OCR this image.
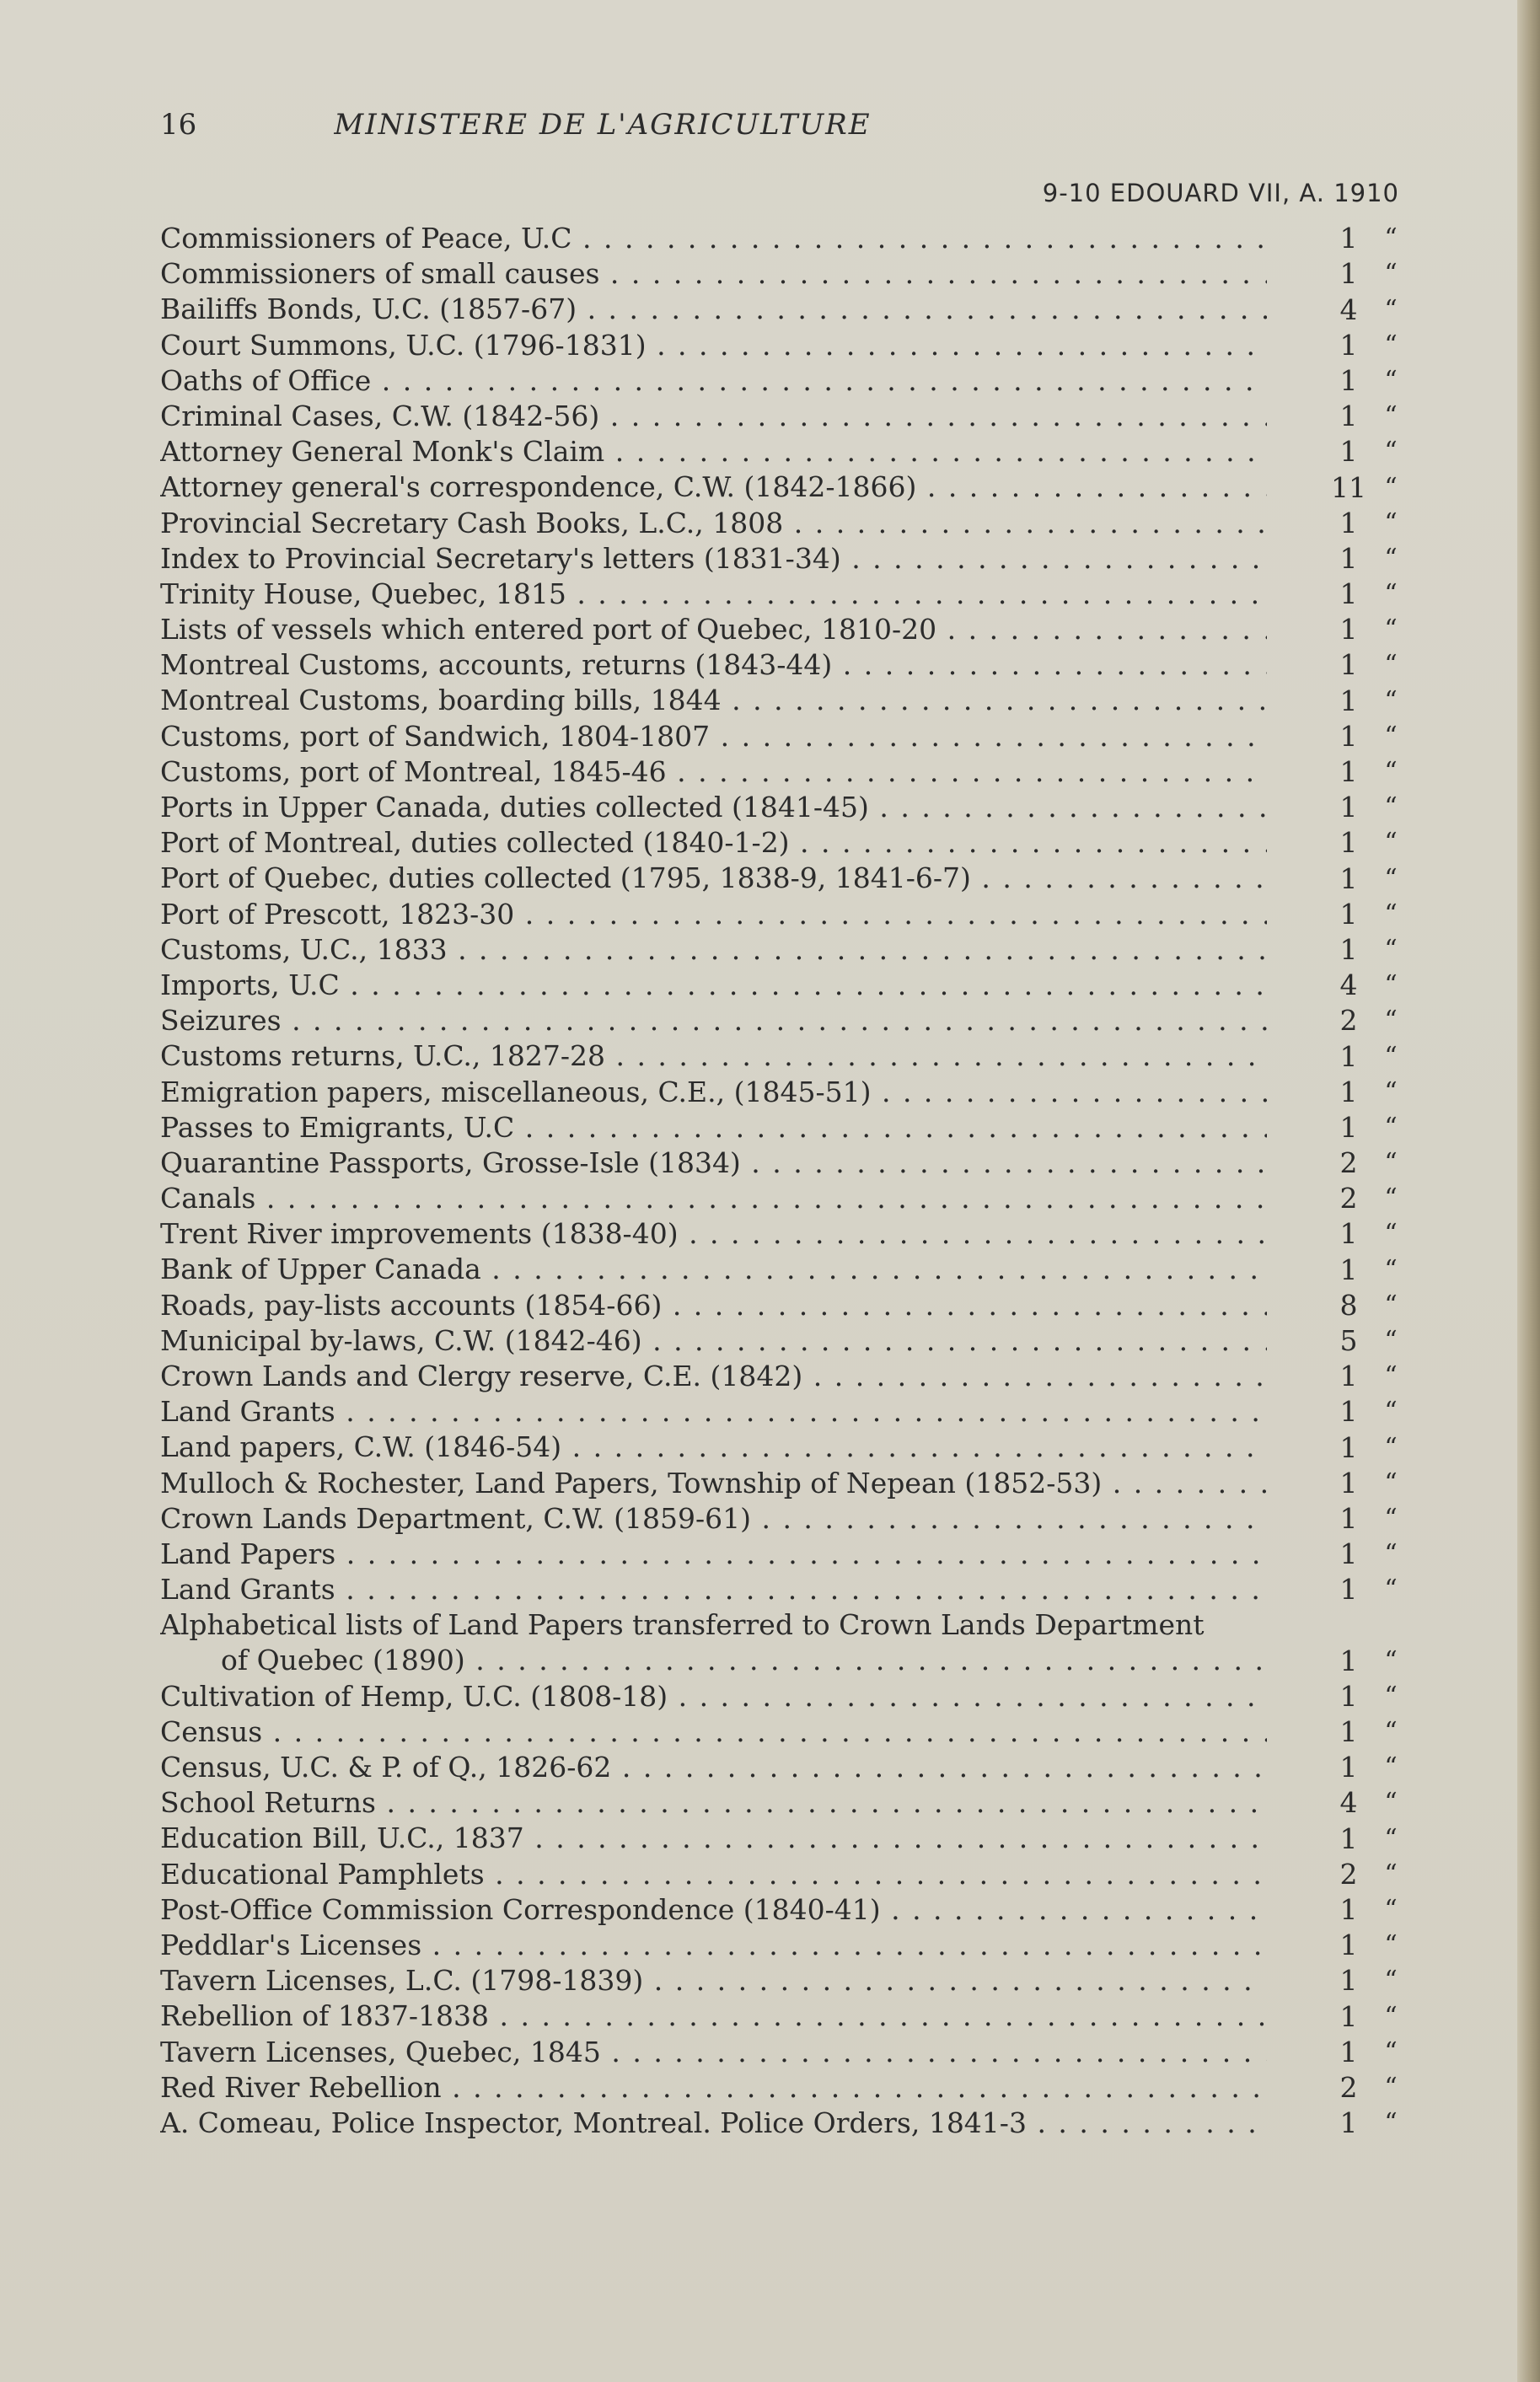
16	MINISTERE DE L'AGRICULTURE
9-10 EDOUARD VII, A. 1910
Commissioners of Peace, U.C . . .	1	“
Commissioners of small causes . . .	1	“
Bailiffs Bonds, U.C. (1857-67) . . .	4	“
Court Summons, U.C. (1796-1831) . . .	1	“
Oaths of Office . . .	1	“
Criminal Cases, C.W. (1842-56) . . .	1	“
Attorney General Monk's Claim . . .	1	“
Attorney general's correspondence, C.W. (1842-1866) . . .	11 “
Provincial Secretary Cash Books, L.C., 1808 . . .	1	“
Index to Provincial Secretary's letters (1831-34) . . .	1	“
Trinity House, Quebec, 1815 . . .	1	“
Lists of vessels which entered port of Quebec, 1810-20 . . .	1	“
Montreal Customs, accounts, returns (1843-44) . . .	1	“
Montreal Customs, boarding bills, 1844 . . .	1	“
Customs, port of Sandwich, 1804-1807 . . .	1	“
Customs, port of Montreal, 1845-46 . . .	1	“
Ports in Upper Canada, duties collected (1841-45) . . .	1	“
Port of Montreal, duties collected (1840-1-2) . . .	1	“
Port of Quebec, duties collected (1795, 1838-9, 1841-6-7) . . .	1	“
Port of Prescott, 1823-30 . . .	1	“
Customs, U.C., 1833 . . .	1	“
Imports, U.C . . .	4	“
Seizures . . .	2	“
Customs returns, U.C., 1827-28 . . .	1	“
Emigration papers, miscellaneous, C.E., (1845-51) . . .	1	“
Passes to Emigrants, U.C . . .	1	“
Quarantine Passports, Grosse-Isle (1834) . . .	2	“
Canals . . .	2	“
Trent River improvements (1838-40) . . .	1	“
Bank of Upper Canada . . .	1	“
Roads, pay-lists accounts (1854-66) . . .	8	“
Municipal by-laws, C.W. (1842-46) . . .	5	“
Crown Lands and Clergy reserve, C.E. (1842) . . .	1	“
Land Grants . . .	1	“
Land papers, C.W. (1846-54) . . .	1	“
Mulloch & Rochester, Land Papers, Township of Nepean (1852-53) . . .	1	“
Crown Lands Department, C.W. (1859-61) . . .	1	“
Land Papers . . .	1	“
Land Grants . . .	1	“
Alphabetical lists of Land Papers transferred to Crown Lands Department
of Quebec (1890) . . .	1	“
Cultivation of Hemp, U.C. (1808-18) . . .	1	“
Census . . .	1	“
Census, U.C. & P. of Q., 1826-62 . . .	1	“
School Returns . . .	4	“
Education Bill, U.C., 1837 . . .	1	“
Educational Pamphlets . . .	2	“
Post-Office Commission Correspondence (1840-41) . . .	1	“
Peddlar's Licenses . . .	1	“
Tavern Licenses, L.C. (1798-1839) . . .	1	“
Rebellion of 1837-1838 . . .	1	“
Tavern Licenses, Quebec, 1845 . . .	1	“
Red River Rebellion . . .	2	“
A. Comeau, Police Inspector, Montreal. Police Orders, 1841-3 . . .	1	“
